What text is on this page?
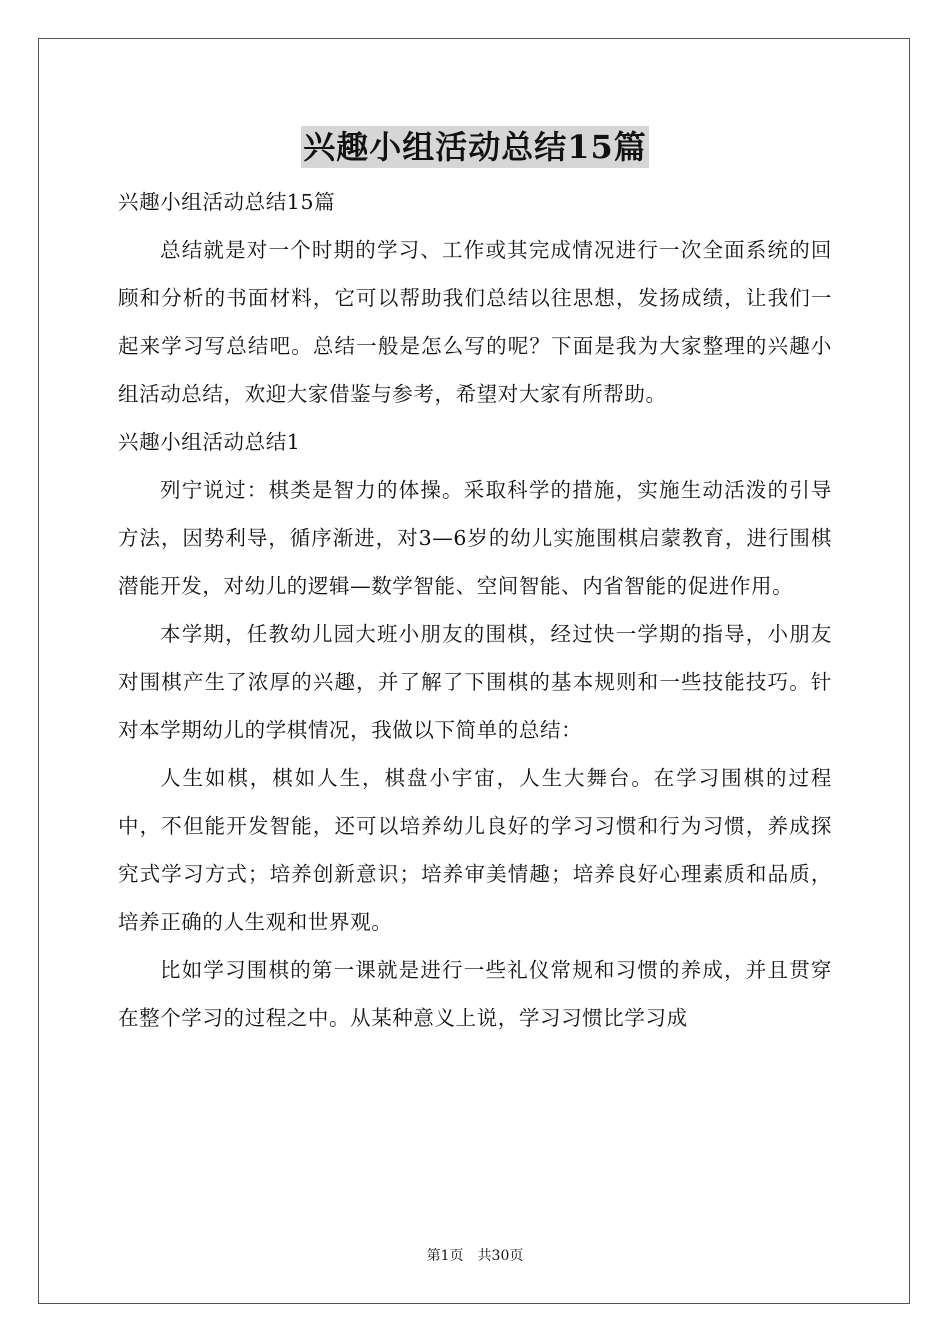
兴趣小组活动总结15篇

兴趣小组活动总结15篇

总结就是对一个时期的学习、工作或其完成情况进行一次全面系统的回顾和分析的书面材料，它可以帮助我们总结以往思想，发扬成绩，让我们一起来学习写总结吧。总结一般是怎么写的呢？下面是我为大家整理的兴趣小组活动总结，欢迎大家借鉴与参考，希望对大家有所帮助。

兴趣小组活动总结1

列宁说过：棋类是智力的体操。采取科学的措施，实施生动活泼的引导方法，因势利导，循序渐进，对3—6岁的幼儿实施围棋启蒙教育，进行围棋潜能开发，对幼儿的逻辑—数学智能、空间智能、内省智能的促进作用。

本学期，任教幼儿园大班小朋友的围棋，经过快一学期的指导，小朋友对围棋产生了浓厚的兴趣，并了解了下围棋的基本规则和一些技能技巧。针对本学期幼儿的学棋情况，我做以下简单的总结：

人生如棋，棋如人生，棋盘小宇宙，人生大舞台。在学习围棋的过程中，不但能开发智能，还可以培养幼儿良好的学习习惯和行为习惯，养成探究式学习方式；培养创新意识；培养审美情趣；培养良好心理素质和品质，培养正确的人生观和世界观。

比如学习围棋的第一课就是进行一些礼仪常规和习惯的养成，并且贯穿在整个学习的过程之中。从某种意义上说，学习习惯比学习成

第1页 共30页
